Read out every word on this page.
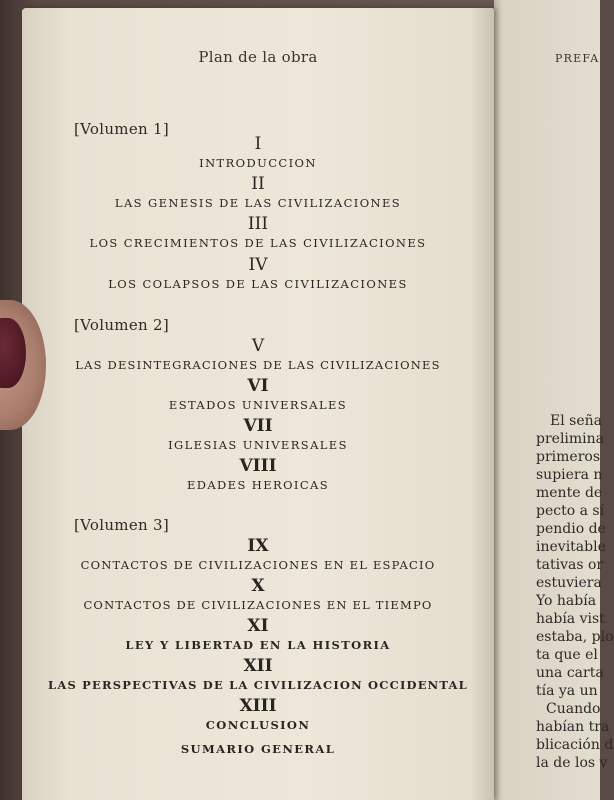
Plan de la obra
[Volumen 1]
I
INTRODUCCION
II
LAS GENESIS DE LAS CIVILIZACIONES
III
LOS CRECIMIENTOS DE LAS CIVILIZACIONES
IV
LOS COLAPSOS DE LAS CIVILIZACIONES
[Volumen 2]
V
LAS DESINTEGRACIONES DE LAS CIVILIZACIONES
VI
ESTADOS UNIVERSALES
VII
IGLESIAS UNIVERSALES
VIII
EDADES HEROICAS
[Volumen 3]
IX
CONTACTOS DE CIVILIZACIONES EN EL ESPACIO
X
CONTACTOS DE CIVILIZACIONES EN EL TIEMPO
XI
LEY Y LIBERTAD EN LA HISTORIA
XII
LAS PERSPECTIVAS DE LA CIVILIZACION OCCIDENTAL
XIII
CONCLUSION
SUMARIO GENERAL
PREFA
El seña
prelimina
primeros
supiera n
mente de
pecto a sí
pendio de
inevitable
tativas or
estuviera
Yo había
había vist
estaba, plo
ta que el
una carta
tía ya un
Cuando
habían tra
blicación d
la de los v
